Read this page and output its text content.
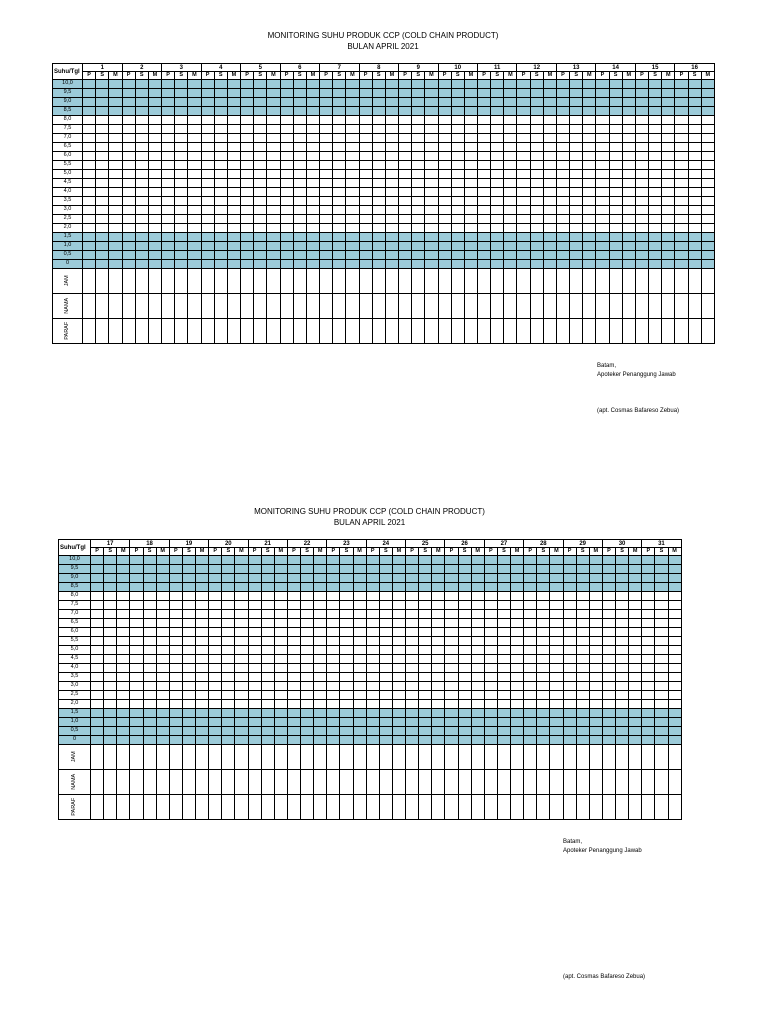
MONITORING SUHU PRODUK CCP (COLD CHAIN PRODUCT)
BULAN APRIL 2021
Suhu/Tgl	1			2			3			4			5			6			7			8			9			10			11			12			13			14			15			16		
	P	S	M	P	S	M	P	S	M	P	S	M	P	S	M	P	S	M	P	S	M	P	S	M	P	S	M	P	S	M	P	S	M	P	S	M	P	S	M	P	S	M	P	S	M	P	S	M
10,0																																																
9,5																																																
9,0																																																
8,5																																																
8,0																																																
7,5																																																
7,0																																																
6,5																																																
6,0																																																
5,5																																																
5,0																																																
4,5																																																
4,0																																																
3,5																																																
3,0																																																
2,5																																																
2,0																																																
1,5																																																
1,0																																																
0,5																																																
0																																																
JAM																																																
NAMA																																																
PARAF																																																
Batam,
Apoteker Penanggung Jawab
(apt. Cosmas Bafareso Zebua)
MONITORING SUHU PRODUK CCP (COLD CHAIN PRODUCT)
BULAN APRIL 2021
Suhu/Tgl	17			18			19			20			21			22			23			24			25			26			27			28			29			30			31		
	P	S	M	P	S	M	P	S	M	P	S	M	P	S	M	P	S	M	P	S	M	P	S	M	P	S	M	P	S	M	P	S	M	P	S	M	P	S	M	P	S	M	P	S	M
10,0																																													
9,5																																													
9,0																																													
8,5																																													
8,0																																													
7,5																																													
7,0																																													
6,5																																													
6,0																																													
5,5																																													
5,0																																													
4,5																																													
4,0																																													
3,5																																													
3,0																																													
2,5																																													
2,0																																													
1,5																																													
1,0																																													
0,5																																													
0																																													
JAM																																													
NAMA																																													
PARAF																																													
Batam,
Apoteker Penanggung Jawab
(apt. Cosmas Bafareso Zebua)
